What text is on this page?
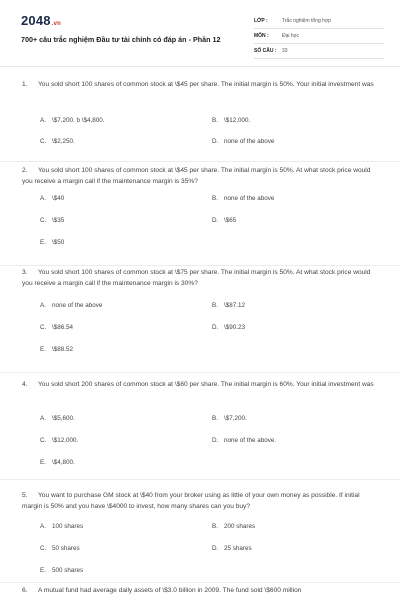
2048.vn
700+ câu trắc nghiệm Đầu tư tài chính có đáp án - Phần 12
LỚP :	Trắc nghiệm tổng hợp
MÔN :	Đại học
SỐ CÂU :	33
1. You sold short 100 shares of common stock at \$45 per share. The initial margin is 50%. Your initial investment was
A. \$7,200. b \$4,800.	B. \$12,000.
C. \$2,250.	D. none of the above
2. You sold short 100 shares of common stock at \$45 per share. The initial margin is 50%. At what stock price would you receive a margin call if the maintenance margin is 35%?
A. \$40	B. none of the above
C. \$35	D. \$65
E. \$50
3. You sold short 100 shares of common stock at \$75 per share. The initial margin is 50%. At what stock price would you receive a margin call if the maintenance margin is 30%?
A. none of the above	B. \$87.12
C. \$86.54	D. \$90.23
E. \$88.52
4. You sold short 200 shares of common stock at \$60 per share. The initial margin is 60%. Your initial investment was
A. \$5,600.	B. \$7,200.
C. \$12,000.	D. none of the above.
E. \$4,800.
5. You want to purchase GM stock at \$40 from your broker using as little of your own money as possible. If initial margin is 50% and you have \$4000 to invest, how many shares can you buy?
A. 100 shares	B. 200 shares
C. 50 shares	D. 25 shares
E. 500 shares
6. A mutual fund had average daily assets of \$3.0 billion in 2009. The fund sold \$600 million
